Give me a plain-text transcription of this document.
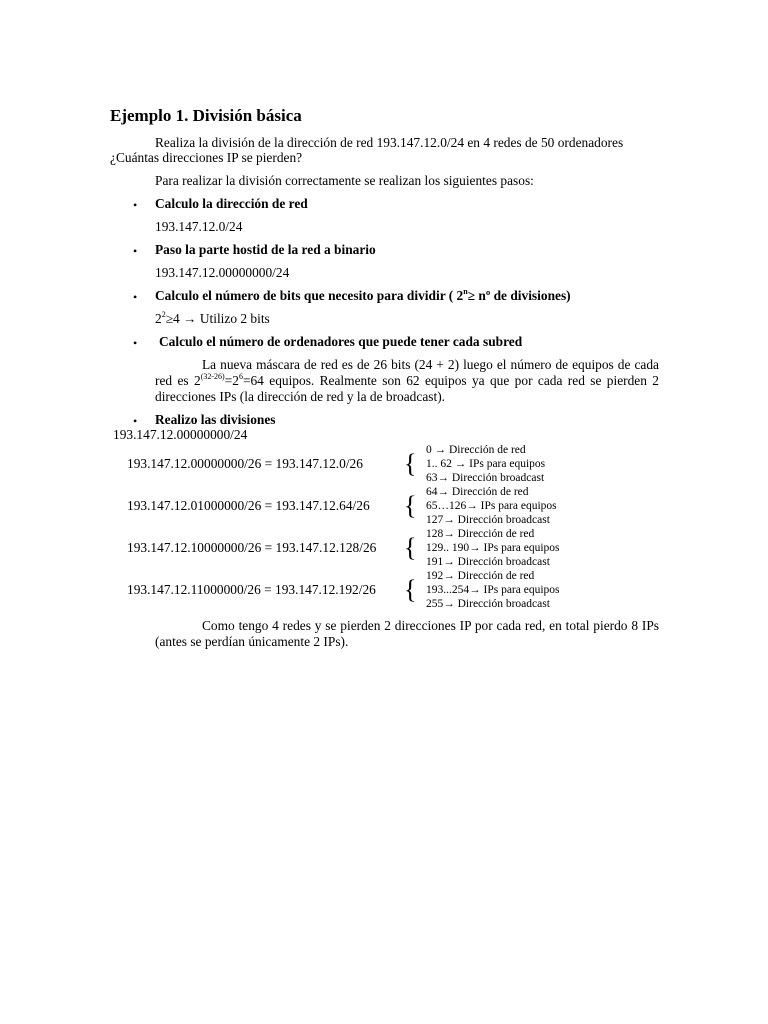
Ejemplo 1. División básica
Realiza la división de la dirección de red 193.147.12.0/24 en 4 redes de 50 ordenadores
¿Cuántas direcciones IP se pierden?
Para realizar la división correctamente se realizan los siguientes pasos:
• Calculo la dirección de red
193.147.12.0/24
• Paso la parte hostid de la red a binario
193.147.12.00000000/24
• Calculo el número de bits que necesito para dividir ( $2^n\ge$ nº de divisiones)
$2^2\ge 4$ → Utilizo 2 bits
• Calculo el número de ordenadores que puede tener cada subred
La nueva máscara de red es de 26 bits (24 + 2) luego el número de equipos de cada red es $2^{(32-26)}=2^6=64$ equipos. Realmente son 62 equipos ya que por cada red se pierden 2 direcciones IPs (la dirección de red y la de broadcast).
• Realizo las divisiones
193.147.12.00000000/24
193.147.12.00000000/26 = 193.147.12.0/26 { 0 → Dirección de red
1.. 62 → IPs para equipos
63→ Dirección broadcast
193.147.12.01000000/26 = 193.147.12.64/26 { 64→ Dirección de red
65…126→ IPs para equipos
127→ Dirección broadcast
193.147.12.10000000/26 = 193.147.12.128/26 { 128→ Dirección de red
129.. 190→ IPs para equipos
191→ Dirección broadcast
193.147.12.11000000/26 = 193.147.12.192/26 { 192→ Dirección de red
193...254→ IPs para equipos
255→ Dirección broadcast
Como tengo 4 redes y se pierden 2 direcciones IP por cada red, en total pierdo 8 IPs (antes se perdían únicamente 2 IPs).
